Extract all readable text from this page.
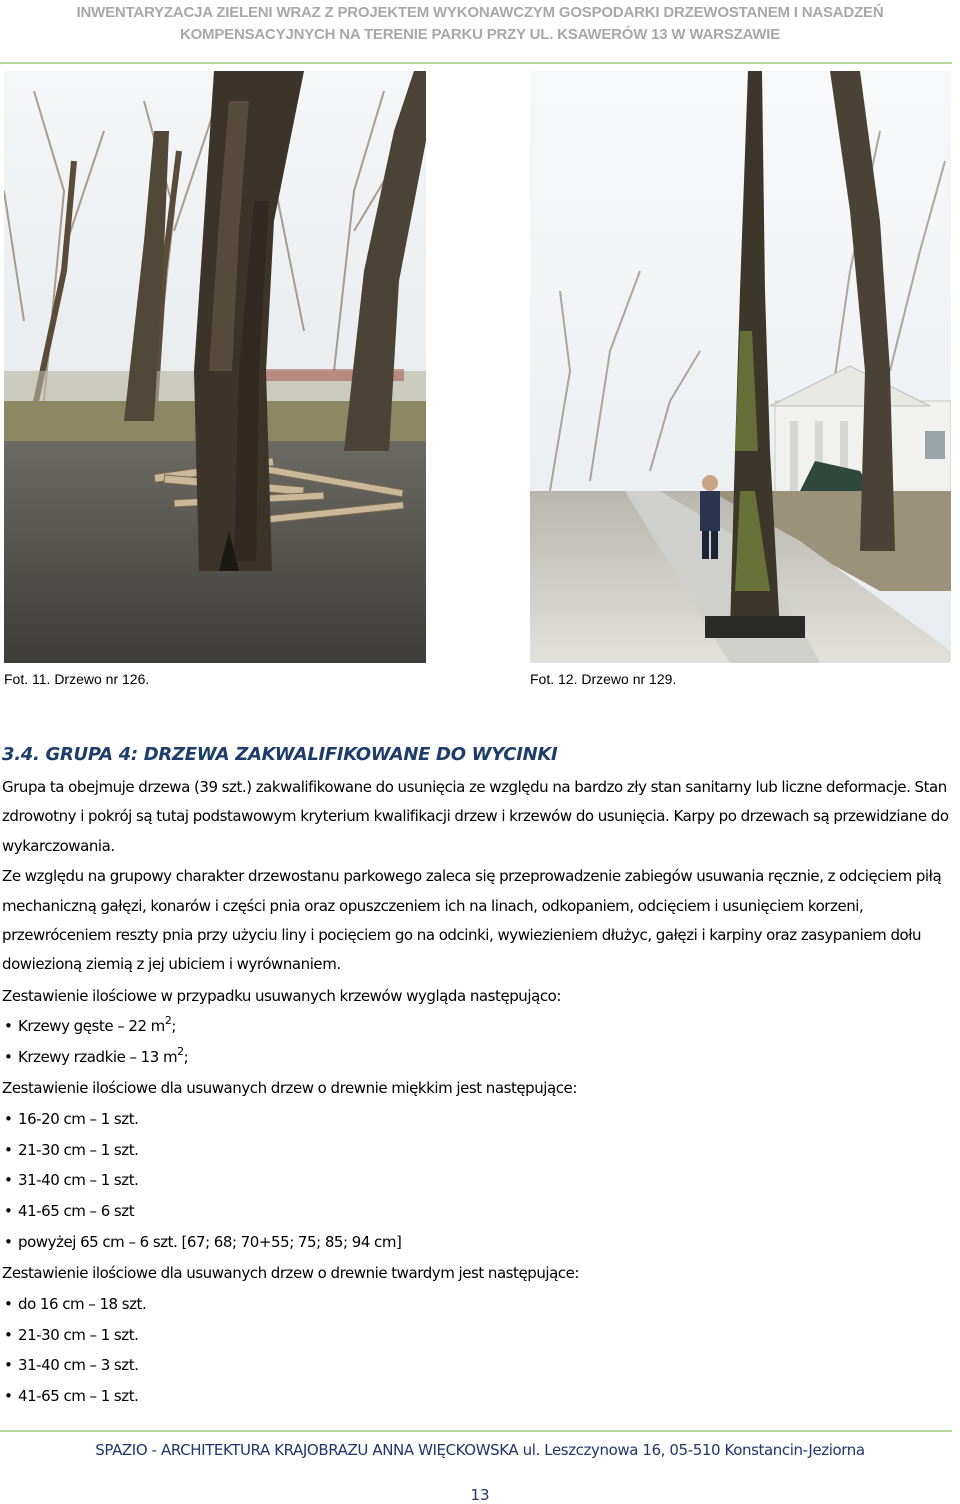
INWENTARYZACJA ZIELENI WRAZ Z PROJEKTEM WYKONAWCZYM GOSPODARKI DRZEWOSTANEM I NASADZEŃ

KOMPENSACYJNYCH NA TERENIE PARKU PRZY UL. KSAWERÓW 13 W WARSZAWIE

Fot. 11. Drzewo nr 126.	Fot. 12. Drzewo nr 129.
3.4. GRUPA 4: DRZEWA ZAKWALIFIKOWANE DO WYCINKI

Grupa ta obejmuje drzewa (39 szt.) zakwalifikowane do usunięcia ze względu na bardzo zły stan sanitarny lub liczne deformacje. Stan zdrowotny i pokrój są tutaj podstawowym kryterium kwalifikacji drzew i krzewów do usunięcia. Karpy po drzewach są przewidziane do wykarczowania.

Ze względu na grupowy charakter drzewostanu parkowego zaleca się przeprowadzenie zabiegów usuwania ręcznie, z odcięciem piłą mechaniczną gałęzi, konarów i części pnia oraz opuszczeniem ich na linach, odkopaniem, odcięciem i usunięciem korzeni, przewróceniem reszty pnia przy użyciu liny i pocięciem go na odcinki, wywiezieniem dłużyc, gałęzi i karpiny oraz zasypaniem dołu dowiezioną ziemią z jej ubiciem i wyrównaniem.

Zestawienie ilościowe w przypadku usuwanych krzewów wygląda następująco:

• Krzewy gęste – 22 $m^2$;
• Krzewy rzadkie – 13 $m^2$;

Zestawienie ilościowe dla usuwanych drzew o drewnie miękkim jest następujące:

• 16-20 cm – 1 szt.
• 21-30 cm – 1 szt.
• 31-40 cm – 1 szt.
• 41-65 cm – 6 szt
• powyżej 65 cm – 6 szt. [67; 68; 70+55; 75; 85; 94 cm]

Zestawienie ilościowe dla usuwanych drzew o drewnie twardym jest następujące:

• do 16 cm – 18 szt.
• 21-30 cm – 1 szt.
• 31-40 cm – 3 szt.
• 41-65 cm – 1 szt.
SPAZIO - ARCHITEKTURA KRAJOBRAZU ANNA WIĘCKOWSKA ul. Leszczynowa 16, 05-510 Konstancin-Jeziorna
13
